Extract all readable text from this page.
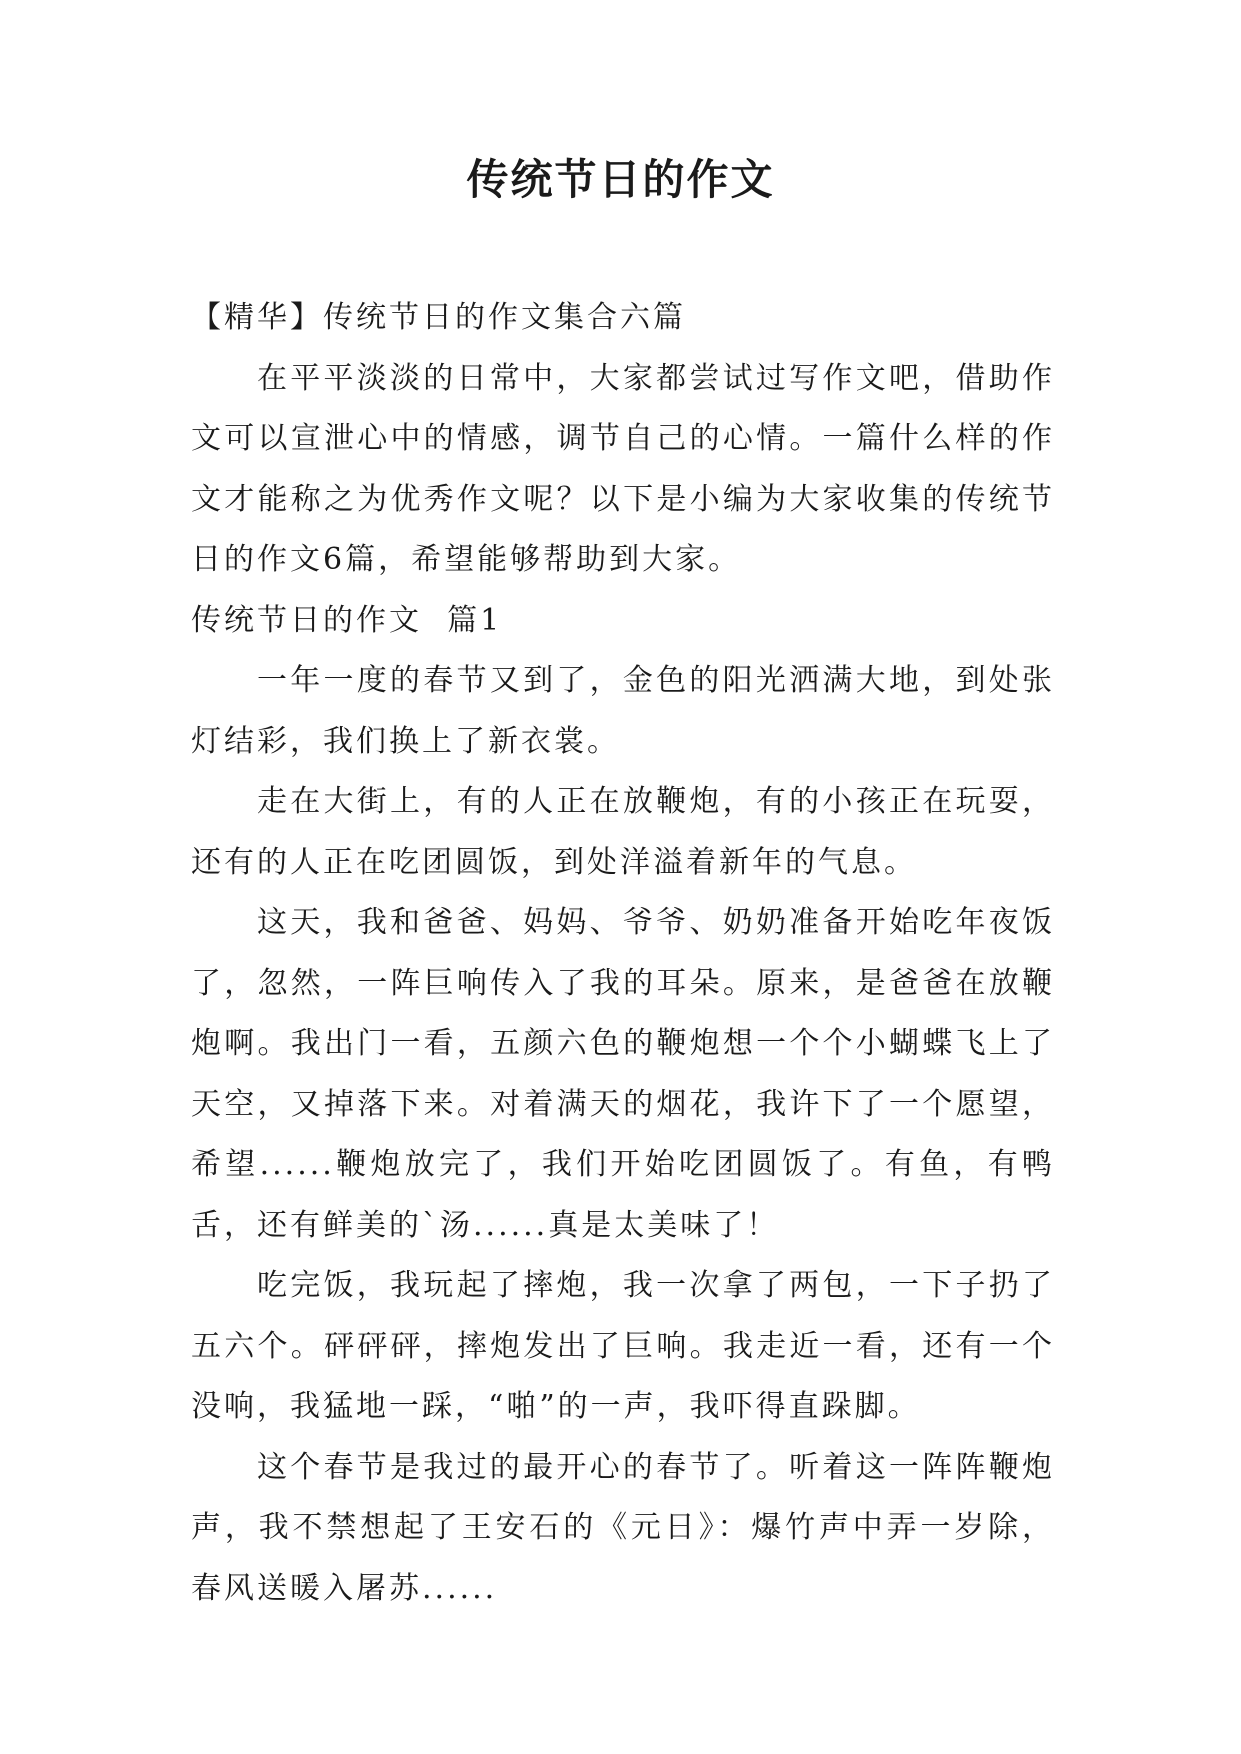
传统节日的作文

【精华】传统节日的作文集合六篇

在平平淡淡的日常中，大家都尝试过写作文吧，借助作文可以宣泄心中的情感，调节自己的心情。一篇什么样的作文才能称之为优秀作文呢？以下是小编为大家收集的传统节日的作文6篇，希望能够帮助到大家。

传统节日的作文  篇1

一年一度的春节又到了，金色的阳光洒满大地，到处张灯结彩，我们换上了新衣裳。

走在大街上，有的人正在放鞭炮，有的小孩正在玩耍，还有的人正在吃团圆饭，到处洋溢着新年的气息。

这天，我和爸爸、妈妈、爷爷、奶奶准备开始吃年夜饭了，忽然，一阵巨响传入了我的耳朵。原来，是爸爸在放鞭炮啊。我出门一看，五颜六色的鞭炮想一个个小蝴蝶飞上了天空，又掉落下来。对着满天的烟花，我许下了一个愿望，希望......鞭炮放完了，我们开始吃团圆饭了。有鱼，有鸭舌，还有鲜美的`汤......真是太美味了！

吃完饭，我玩起了摔炮，我一次拿了两包，一下子扔了五六个。砰砰砰，摔炮发出了巨响。我走近一看，还有一个没响，我猛地一踩，“啪”的一声，我吓得直跺脚。

这个春节是我过的最开心的春节了。听着这一阵阵鞭炮声，我不禁想起了王安石的《元日》：爆竹声中弄一岁除，春风送暖入屠苏......
